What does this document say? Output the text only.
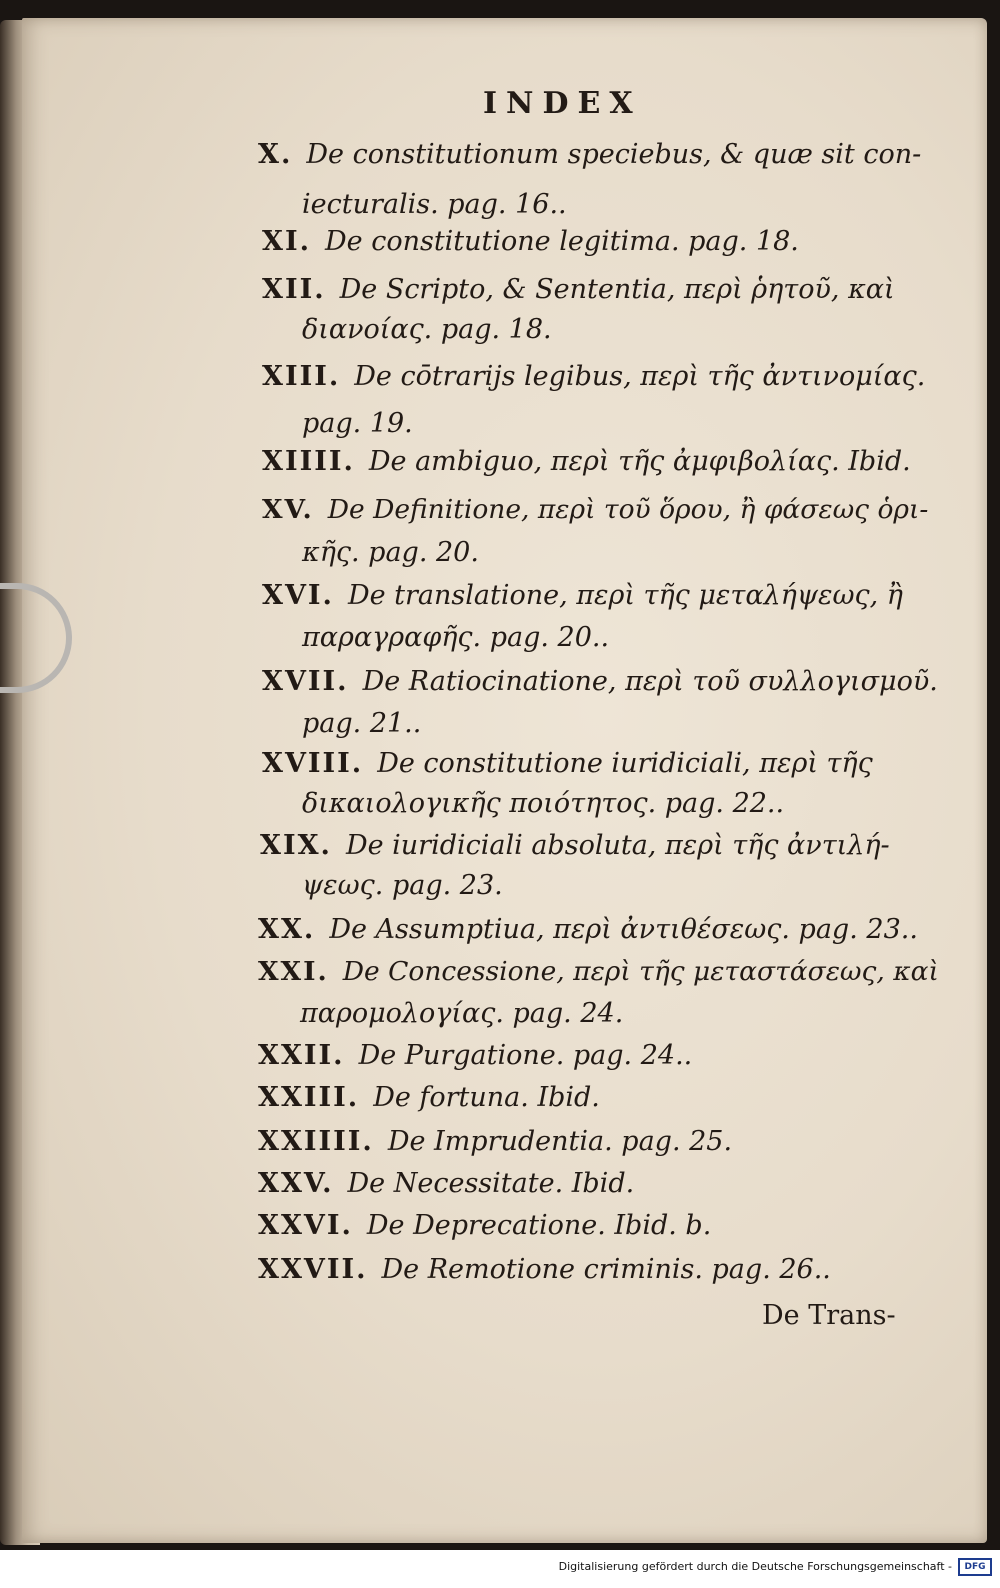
INDEX
X. De constitutionum speciebus, & quæ sit con-
iecturalis. pag. 16..
XI. De constitutione legitima. pag. 18.
XII. De Scripto, & Sententia, περὶ ῥητοῦ, καὶ
διανοίας. pag. 18.
XIII. De cōtrarijs legibus, περὶ τῆς ἀντινομίας.
pag. 19.
XIIII. De ambiguo, περὶ τῆς ἀμφιβολίας. Ibid.
XV. De Definitione, περὶ τοῦ ὅρου, ἢ φάσεως ὁρι-
κῆς. pag. 20.
XVI. De translatione, περὶ τῆς μεταλήψεως, ἢ
παραγραφῆς. pag. 20..
XVII. De Ratiocinatione, περὶ τοῦ συλλογισμοῦ.
pag. 21..
XVIII. De constitutione iuridiciali, περὶ τῆς
δικαιολογικῆς ποιότητος. pag. 22..
XIX. De iuridiciali absoluta, περὶ τῆς ἀντιλή-
ψεως. pag. 23.
XX. De Assumptiua, περὶ ἀντιθέσεως. pag. 23..
XXI. De Concessione, περὶ τῆς μεταστάσεως, καὶ
παρομολογίας. pag. 24.
XXII. De Purgatione. pag. 24..
XXIII. De fortuna. Ibid.
XXIIII. De Imprudentia. pag. 25.
XXV. De Necessitate. Ibid.
XXVI. De Deprecatione. Ibid. b.
XXVII. De Remotione criminis. pag. 26..
De Trans-
Digitalisierung gefördert durch die Deutsche Forschungsgemeinschaft -	DFG
